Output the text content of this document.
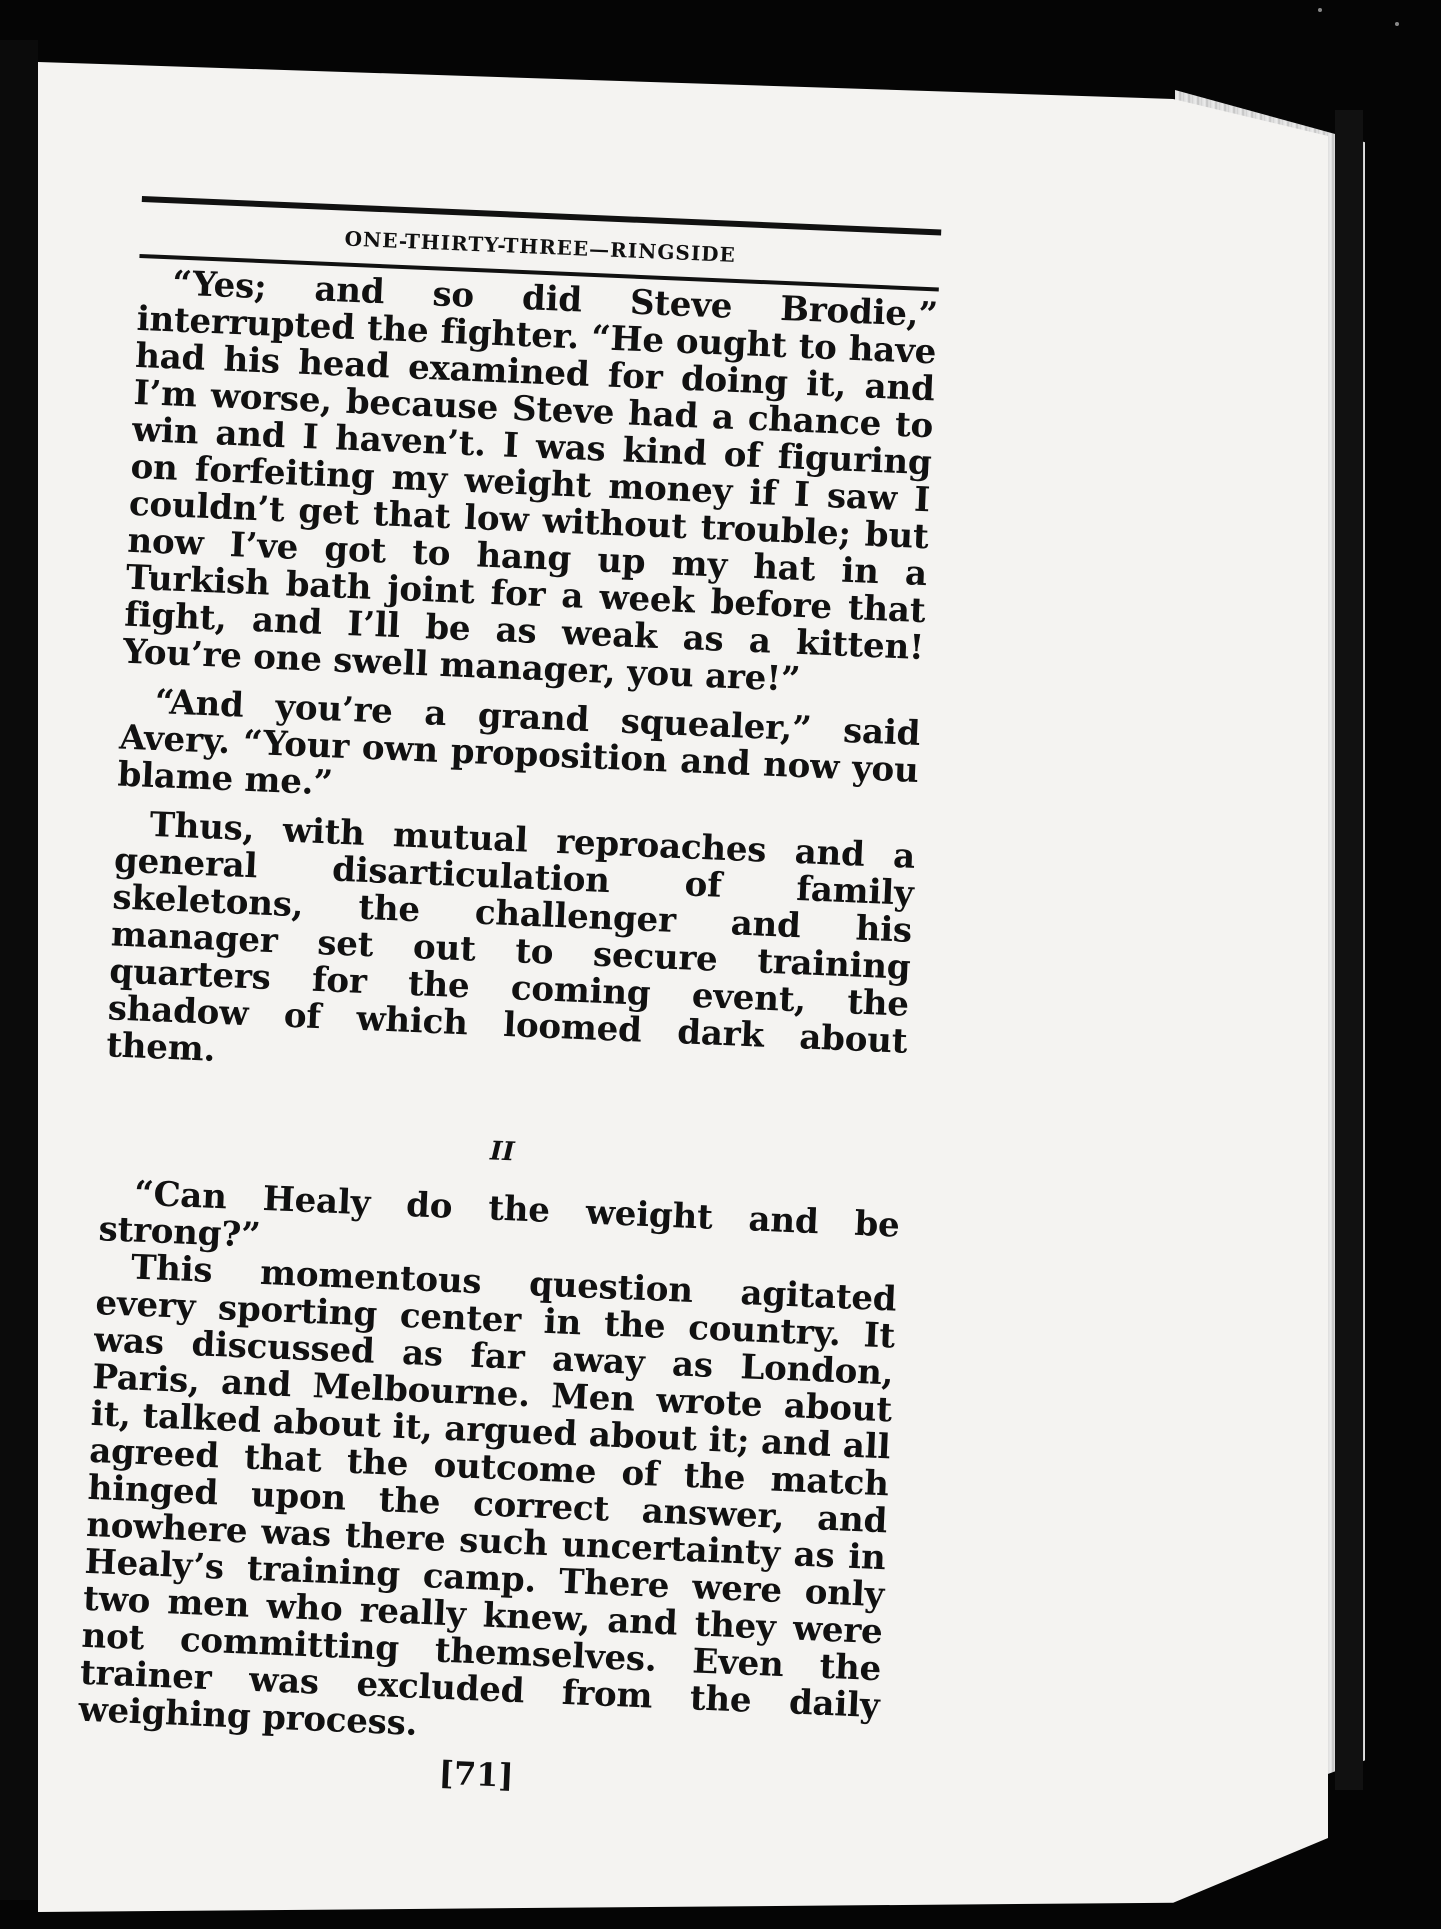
ONE-THIRTY-THREE—RINGSIDE

“Yes; and so did Steve Brodie,” interrupted the fighter. “He ought to have had his head examined for doing it, and I’m worse, because Steve had a chance to win and I haven’t. I was kind of figuring on forfeiting my weight money if I saw I couldn’t get that low without trouble; but now I’ve got to hang up my hat in a Turkish bath joint for a week before that fight, and I’ll be as weak as a kitten! You’re one swell manager, you are!”

“And you’re a grand squealer,” said Avery. “Your own proposition and now you blame me.”

Thus, with mutual reproaches and a general disarticulation of family skeletons, the challenger and his manager set out to secure training quarters for the coming event, the shadow of which loomed dark about them.

II

“Can Healy do the weight and be strong?”

This momentous question agitated every sporting center in the country. It was discussed as far away as London, Paris, and Melbourne. Men wrote about it, talked about it, argued about it; and all agreed that the outcome of the match hinged upon the correct answer, and nowhere was there such uncertainty as in Healy’s training camp. There were only two men who really knew, and they were not committing themselves. Even the trainer was excluded from the daily weighing process.

[71]
